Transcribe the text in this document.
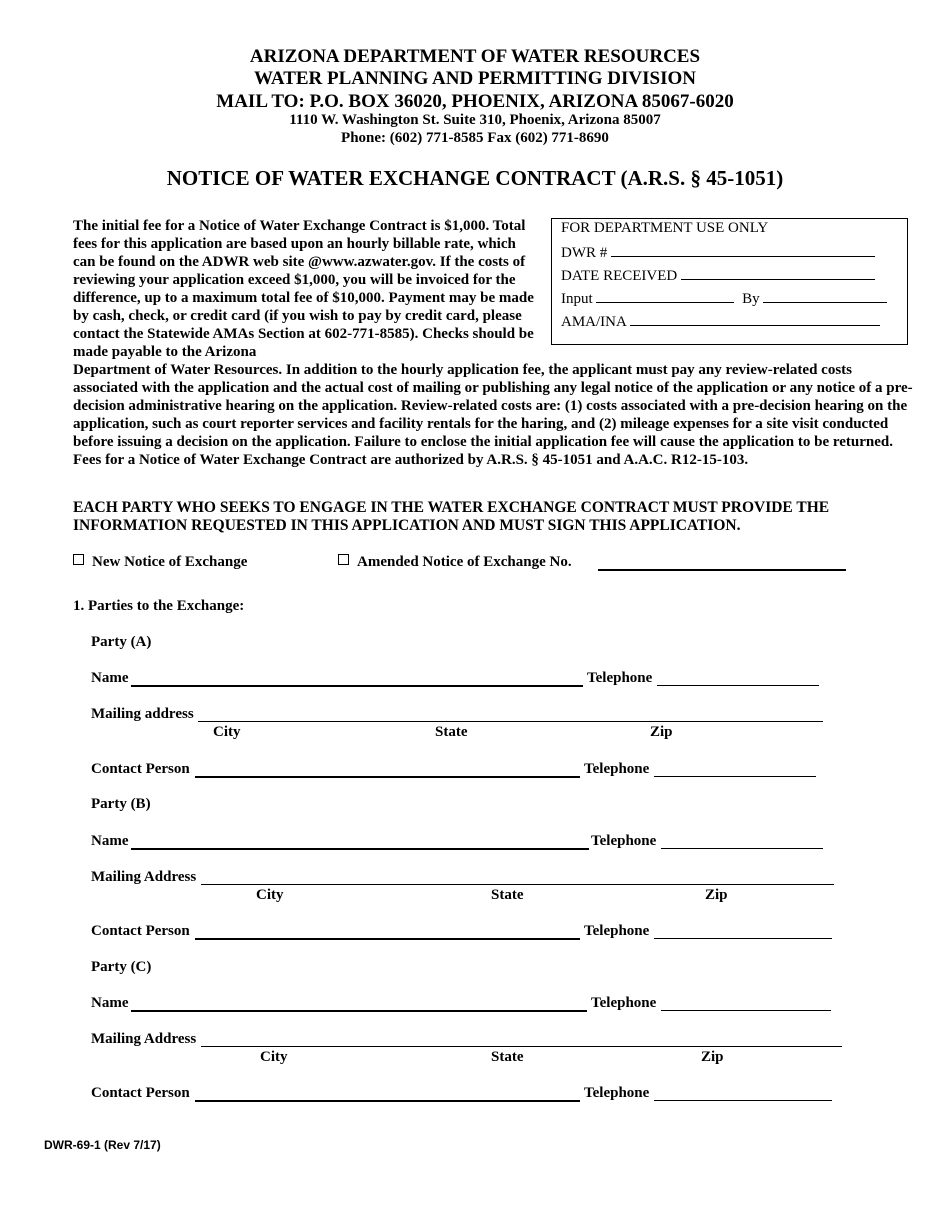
ARIZONA DEPARTMENT OF WATER RESOURCES
WATER PLANNING AND PERMITTING DIVISION
MAIL TO: P.O. BOX 36020, PHOENIX, ARIZONA 85067-6020
1110 W. Washington St. Suite 310, Phoenix, Arizona 85007
Phone: (602) 771-8585 Fax (602) 771-8690
NOTICE OF WATER EXCHANGE CONTRACT (A.R.S. § 45-1051)
The initial fee for a Notice of Water Exchange Contract is $1,000. Total fees for this application are based upon an hourly billable rate, which can be found on the ADWR web site @www.azwater.gov. If the costs of reviewing your application exceed $1,000, you will be invoiced for the difference, up to a maximum total fee of $10,000. Payment may be made by cash, check, or credit card (if you wish to pay by credit card, please contact the Statewide AMAs Section at 602-771-8585). Checks should be made payable to the Arizona
Department of Water Resources. In addition to the hourly application fee, the applicant must pay any review-related costs associated with the application and the actual cost of mailing or publishing any legal notice of the application or any notice of a pre-decision administrative hearing on the application. Review-related costs are: (1) costs associated with a pre-decision hearing on the application, such as court reporter services and facility rentals for the haring, and (2) mileage expenses for a site visit conducted before issuing a decision on the application. Failure to enclose the initial application fee will cause the application to be returned. Fees for a Notice of Water Exchange Contract are authorized by A.R.S. § 45-1051 and A.A.C. R12-15-103.
FOR DEPARTMENT USE ONLY
DWR #
DATE RECEIVED
Input	By
AMA/INA
EACH PARTY WHO SEEKS TO ENGAGE IN THE WATER EXCHANGE CONTRACT MUST PROVIDE THE INFORMATION REQUESTED IN THIS APPLICATION AND MUST SIGN THIS APPLICATION.
New Notice of Exchange	Amended Notice of Exchange No.
1. Parties to the Exchange:
Party (A)
Name	Telephone
Mailing address
City	State	Zip
Contact Person	Telephone
Party (B)
Name	Telephone
Mailing Address
City	State	Zip
Contact Person	Telephone
Party (C)
Name	Telephone
Mailing Address
City	State	Zip
Contact Person	Telephone
DWR-69-1 (Rev 7/17)
